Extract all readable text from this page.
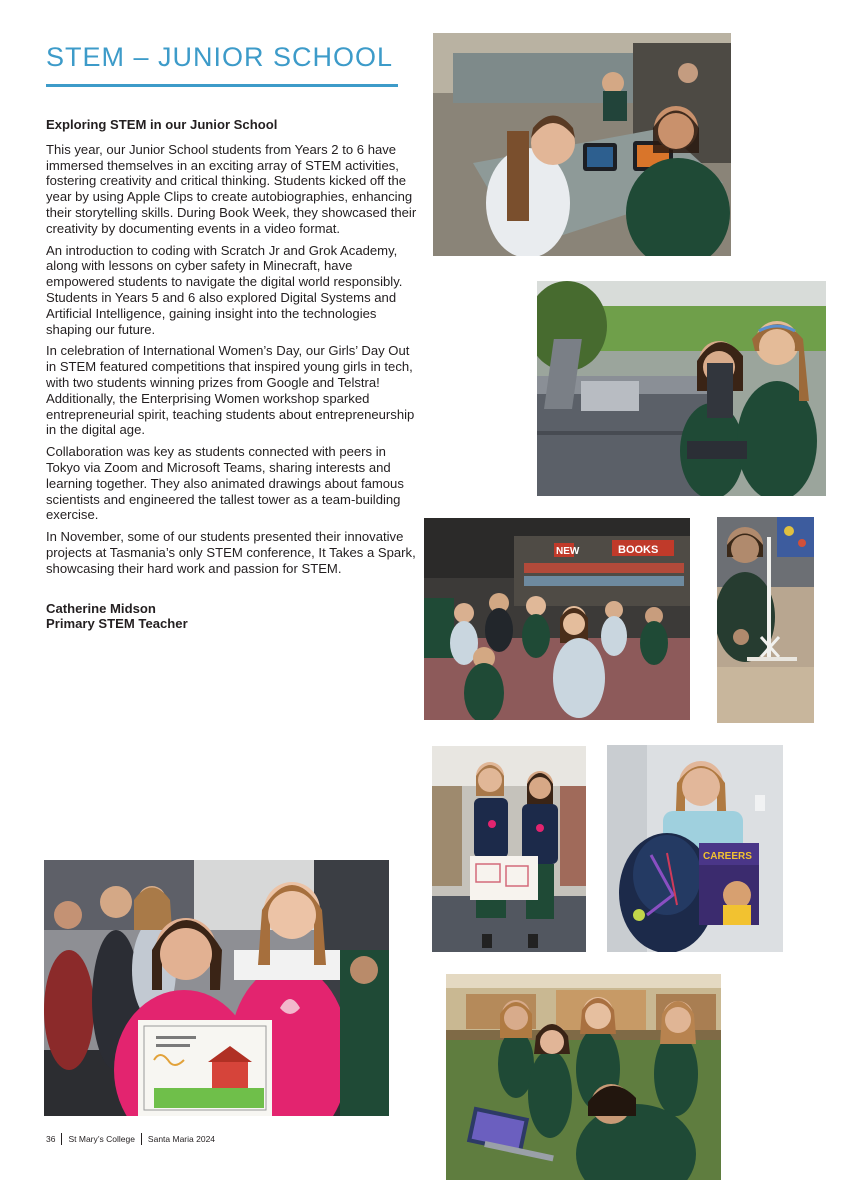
STEM – JUNIOR SCHOOL

Exploring STEM in our Junior School

This year, our Junior School students from Years 2 to 6 have immersed themselves in an exciting array of STEM activities, fostering creativity and critical thinking. Students kicked off the year by using Apple Clips to create autobiographies, enhancing their storytelling skills. During Book Week, they showcased their creativity by documenting events in a video format.

An introduction to coding with Scratch Jr and Grok Academy, along with lessons on cyber safety in Minecraft, have empowered students to navigate the digital world responsibly. Students in Years 5 and 6 also explored Digital Systems and Artificial Intelligence, gaining insight into the technologies shaping our future.

In celebration of International Women’s Day, our Girls’ Day Out in STEM featured competitions that inspired young girls in tech, with two students winning prizes from Google and Telstra! Additionally, the Enterprising Women workshop sparked entrepreneurial spirit, teaching students about entrepreneurship in the digital age.

Collaboration was key as students connected with peers in Tokyo via Zoom and Microsoft Teams, sharing interests and learning together. They also animated drawings about famous scientists and engineered the tallest tower as a team-building exercise.

In November, some of our students presented their innovative projects at Tasmania’s only STEM conference, It Takes a Spark, showcasing their hard work and passion for STEM.

Catherine Midson
Primary STEM Teacher
NEW	BOOKS
CAREERS
36 St Mary’s College Santa Maria 2024
